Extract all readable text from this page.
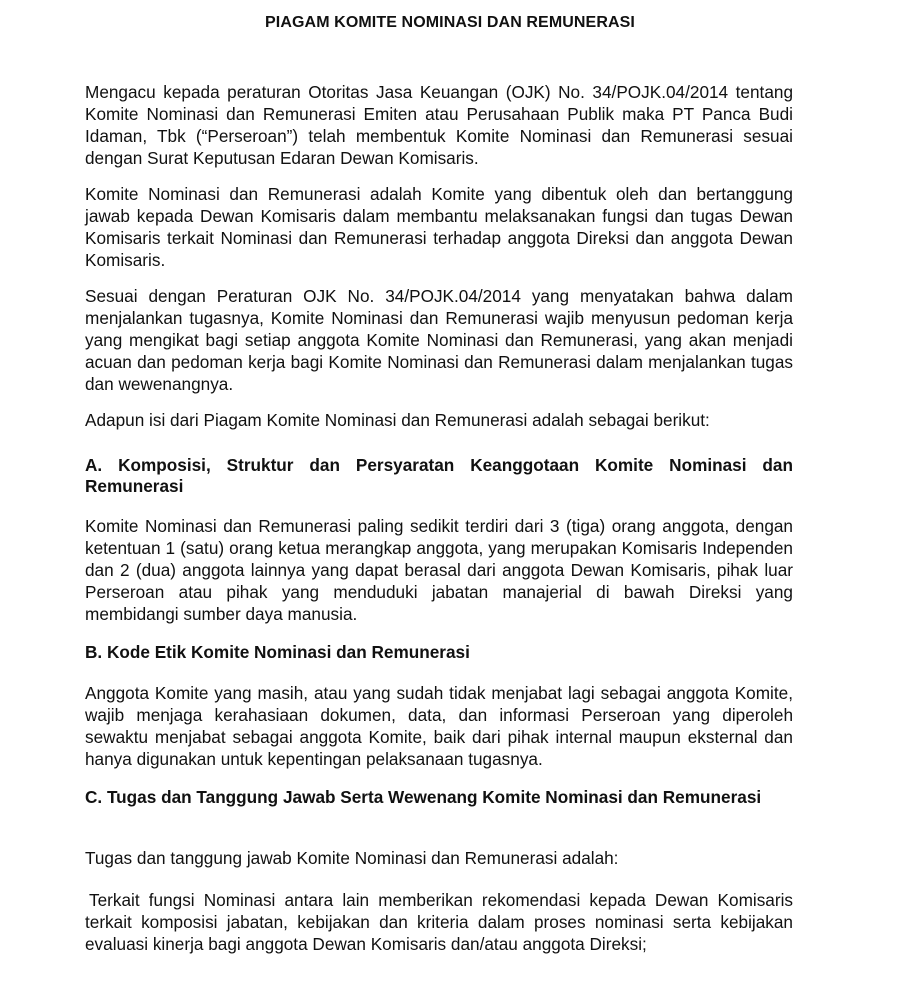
PIAGAM KOMITE NOMINASI DAN REMUNERASI

Mengacu kepada peraturan Otoritas Jasa Keuangan (OJK) No. 34/POJK.04/2014 tentang Komite Nominasi dan Remunerasi Emiten atau Perusahaan Publik maka PT Panca Budi Idaman, Tbk (“Perseroan”) telah membentuk Komite Nominasi dan Remunerasi sesuai dengan Surat Keputusan Edaran Dewan Komisaris.

Komite Nominasi dan Remunerasi adalah Komite yang dibentuk oleh dan bertanggung jawab kepada Dewan Komisaris dalam membantu melaksanakan fungsi dan tugas Dewan Komisaris terkait Nominasi dan Remunerasi terhadap anggota Direksi dan anggota Dewan Komisaris.

Sesuai dengan Peraturan OJK No. 34/POJK.04/2014 yang menyatakan bahwa dalam menjalankan tugasnya, Komite Nominasi dan Remunerasi wajib menyusun pedoman kerja yang mengikat bagi setiap anggota Komite Nominasi dan Remunerasi, yang akan menjadi acuan dan pedoman kerja bagi Komite Nominasi dan Remunerasi dalam menjalankan tugas dan wewenangnya.

Adapun isi dari Piagam Komite Nominasi dan Remunerasi adalah sebagai berikut:

A. Komposisi, Struktur dan Persyaratan Keanggotaan Komite Nominasi dan Remunerasi

Komite Nominasi dan Remunerasi paling sedikit terdiri dari 3 (tiga) orang anggota, dengan ketentuan 1 (satu) orang ketua merangkap anggota, yang merupakan Komisaris Independen dan 2 (dua) anggota lainnya yang dapat berasal dari anggota Dewan Komisaris, pihak luar Perseroan atau pihak yang menduduki jabatan manajerial di bawah Direksi yang membidangi sumber daya manusia.

B. Kode Etik Komite Nominasi dan Remunerasi

Anggota Komite yang masih, atau yang sudah tidak menjabat lagi sebagai anggota Komite, wajib menjaga kerahasiaan dokumen, data, dan informasi Perseroan yang diperoleh sewaktu menjabat sebagai anggota Komite, baik dari pihak internal maupun eksternal dan hanya digunakan untuk kepentingan pelaksanaan tugasnya.

C. Tugas dan Tanggung Jawab Serta Wewenang Komite Nominasi dan Remunerasi

Tugas dan tanggung jawab Komite Nominasi dan Remunerasi adalah:

Terkait fungsi Nominasi antara lain memberikan rekomendasi kepada Dewan Komisaris terkait komposisi jabatan, kebijakan dan kriteria dalam proses nominasi serta kebijakan evaluasi kinerja bagi anggota Dewan Komisaris dan/atau anggota Direksi;
